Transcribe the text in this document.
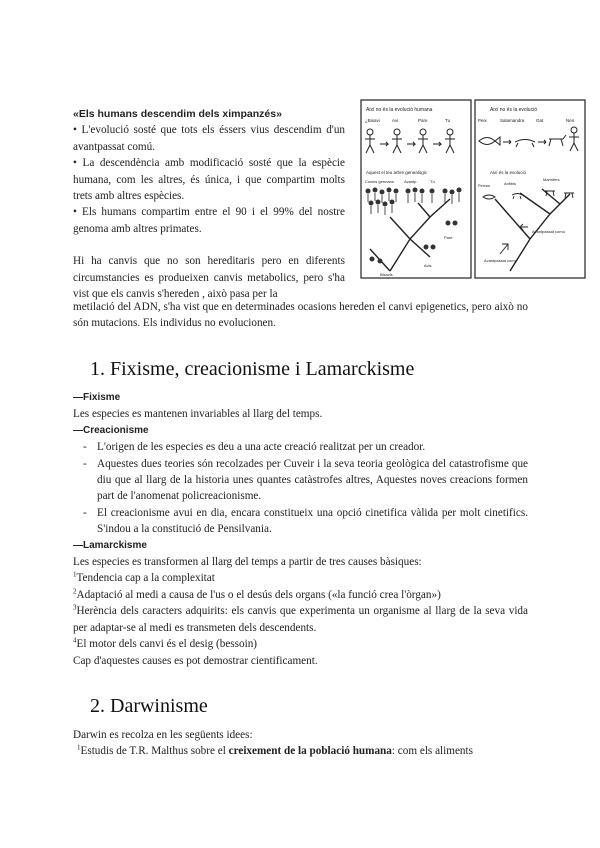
«Els humans descendim dels ximpanzés»
• L'evolució sosté que tots els éssers vius descendim d'un avantpassat comú.
• La descendència amb modificació sosté que la espècie humana, com les altres, és única, i que compartim molts trets amb altres espècies.
• Els humans compartim entre el 90 i el 99% del nostre genoma amb altres primates.
Hi ha canvis que no son hereditaris pero en diferents circumstancies es produeixen canvis metabolics, pero s'ha vist que els canvis s'hereden , això pasa per la
metilació del ADN, s'ha vist que en determinades ocasions hereden el canvi epigenetics, pero això no són mutacions. Els individus no evolucionen.
Així no és la evolució humana
¿Bisavi	Avi	Pare	Tu
Aquest el teu arbre genealògic
Cosins germans	Avantp.	Tú
Pare
Avis
Bisavis
Així no és la evolució
Peix	Salamandra	Gat	Nen
Així és la evolució
Peixos	Anfibis
Mamífers
Avantpassat comú
Avantpassat comú
1. Fixisme, creacionisme i Lamarckisme
—Fixisme
Les especies es mantenen invariables al llarg del temps.
—Creacionisme
- L'origen de les especies es deu a una acte creació realitzat per un creador.
- Aquestes dues teories són recolzades per Cuveir i la seva teoria geològica del catastrofisme que diu que al llarg de la historia unes quantes catàstrofes altres, Aquestes noves creacions formen part de l'anomenat policreacionisme.
- El creacionisme avui en dia, encara constitueix una opció cinetifica vàlida per molt cinetifics. S'indou a la constitució de Pensilvania.
—Lamarckisme
Les especies es transformen al llarg del temps a partir de tres causes bàsiques:
$^1$Tendencia cap a la complexitat
$^2$Adaptació al medi a causa de l'us o el desús dels organs («la funció crea l'òrgan»)
$^3$Herència dels caracters adquirits: els canvis que experimenta un organisme al llarg de la seva vida per adaptar-se al medi es transmeten dels descendents.
$^4$El motor dels canvi és el desig (bessoin)
Cap d'aquestes causes es pot demostrar cientificament.
2. Darwinisme
Darwin es recolza en les següents idees:
$^1$Estudis de T.R. Malthus sobre el creixement de la població humana: com els aliments
